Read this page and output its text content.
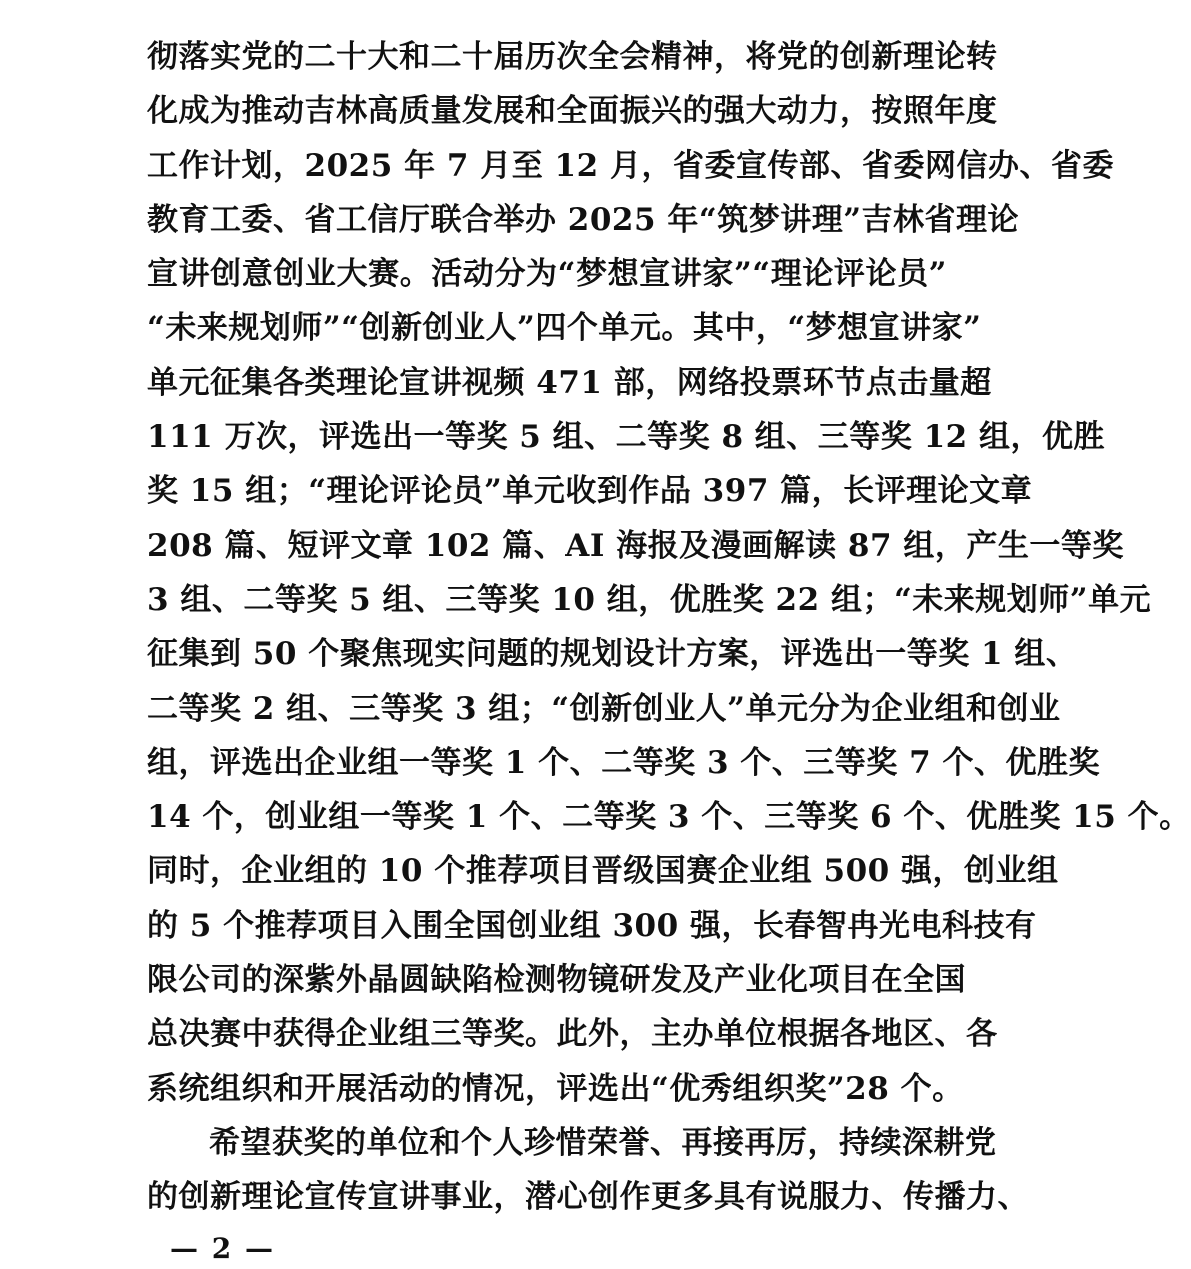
彻落实党的二十大和二十届历次全会精神，将党的创新理论转
化成为推动吉林高质量发展和全面振兴的强大动力，按照年度
工作计划，2025 年 7 月至 12 月，省委宣传部、省委网信办、省委
教育工委、省工信厅联合举办 2025 年“筑梦讲理”吉林省理论
宣讲创意创业大赛。活动分为“梦想宣讲家”“理论评论员”
“未来规划师”“创新创业人”四个单元。其中，“梦想宣讲家”
单元征集各类理论宣讲视频 471 部，网络投票环节点击量超
111 万次，评选出一等奖 5 组、二等奖 8 组、三等奖 12 组，优胜
奖 15 组；“理论评论员”单元收到作品 397 篇，长评理论文章
208 篇、短评文章 102 篇、AI 海报及漫画解读 87 组，产生一等奖
3 组、二等奖 5 组、三等奖 10 组，优胜奖 22 组；“未来规划师”单元
征集到 50 个聚焦现实问题的规划设计方案，评选出一等奖 1 组、
二等奖 2 组、三等奖 3 组；“创新创业人”单元分为企业组和创业
组，评选出企业组一等奖 1 个、二等奖 3 个、三等奖 7 个、优胜奖
14 个，创业组一等奖 1 个、二等奖 3 个、三等奖 6 个、优胜奖 15 个。
同时，企业组的 10 个推荐项目晋级国赛企业组 500 强，创业组
的 5 个推荐项目入围全国创业组 300 强，长春智冉光电科技有
限公司的深紫外晶圆缺陷检测物镜研发及产业化项目在全国
总决赛中获得企业组三等奖。此外，主办单位根据各地区、各
系统组织和开展活动的情况，评选出“优秀组织奖”28 个。
希望获奖的单位和个人珍惜荣誉、再接再厉，持续深耕党
的创新理论宣传宣讲事业，潜心创作更多具有说服力、传播力、
— 2 —
